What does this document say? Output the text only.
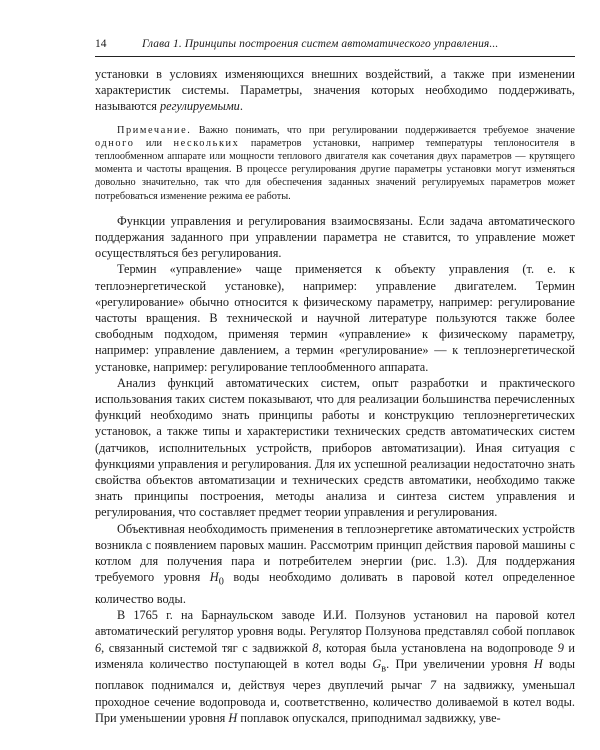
14	Глава 1. Принципы построения систем автоматического управления...

установки в условиях изменяющихся внешних воздействий, а также при изменении характеристик системы. Параметры, значения которых необходимо поддерживать, называются регулируемыми.

Примечание. Важно понимать, что при регулировании поддерживается требуемое значение одного или нескольких параметров установки, например температуры теплоносителя в теплообменном аппарате или мощности теплового двигателя как сочетания двух параметров — крутящего момента и частоты вращения. В процессе регулирования другие параметры установки могут изменяться довольно значительно, так что для обеспечения заданных значений регулируемых параметров может потребоваться изменение режима ее работы.

Функции управления и регулирования взаимосвязаны. Если задача автоматического поддержания заданного при управлении параметра не ставится, то управление может осуществляться без регулирования.

Термин «управление» чаще применяется к объекту управления (т. е. к теплоэнергетической установке), например: управление двигателем. Термин «регулирование» обычно относится к физическому параметру, например: регулирование частоты вращения. В технической и научной литературе пользуются также более свободным подходом, применяя термин «управление» к физическому параметру, например: управление давлением, а термин «регулирование» — к теплоэнергетической установке, например: регулирование теплообменного аппарата.

Анализ функций автоматических систем, опыт разработки и практического использования таких систем показывают, что для реализации большинства перечисленных функций необходимо знать принципы работы и конструкцию теплоэнергетических установок, а также типы и характеристики технических средств автоматических систем (датчиков, исполнительных устройств, приборов автоматизации). Иная ситуация с функциями управления и регулирования. Для их успешной реализации недостаточно знать свойства объектов автоматизации и технических средств автоматики, необходимо также знать принципы построения, методы анализа и синтеза систем управления и регулирования, что составляет предмет теории управления и регулирования.

Объективная необходимость применения в теплоэнергетике автоматических устройств возникла с появлением паровых машин. Рассмотрим принцип действия паровой машины с котлом для получения пара и потребителем энергии (рис. 1.3). Для поддержания требуемого уровня $H_0$ воды необходимо доливать в паровой котел определенное количество воды.

В 1765 г. на Барнаульском заводе И.И. Ползунов установил на паровой котел автоматический регулятор уровня воды. Регулятор Ползунова представлял собой поплавок 6, связанный системой тяг с задвижкой 8, которая была установлена на водопроводе 9 и изменяла количество поступающей в котел воды $G_в$. При увеличении уровня H воды поплавок поднимался и, действуя через двуплечий рычаг 7 на задвижку, уменьшал проходное сечение водопровода и, соответственно, количество доливаемой в котел воды. При уменьшении уровня H поплавок опускался, приподнимал задвижку, уве-
